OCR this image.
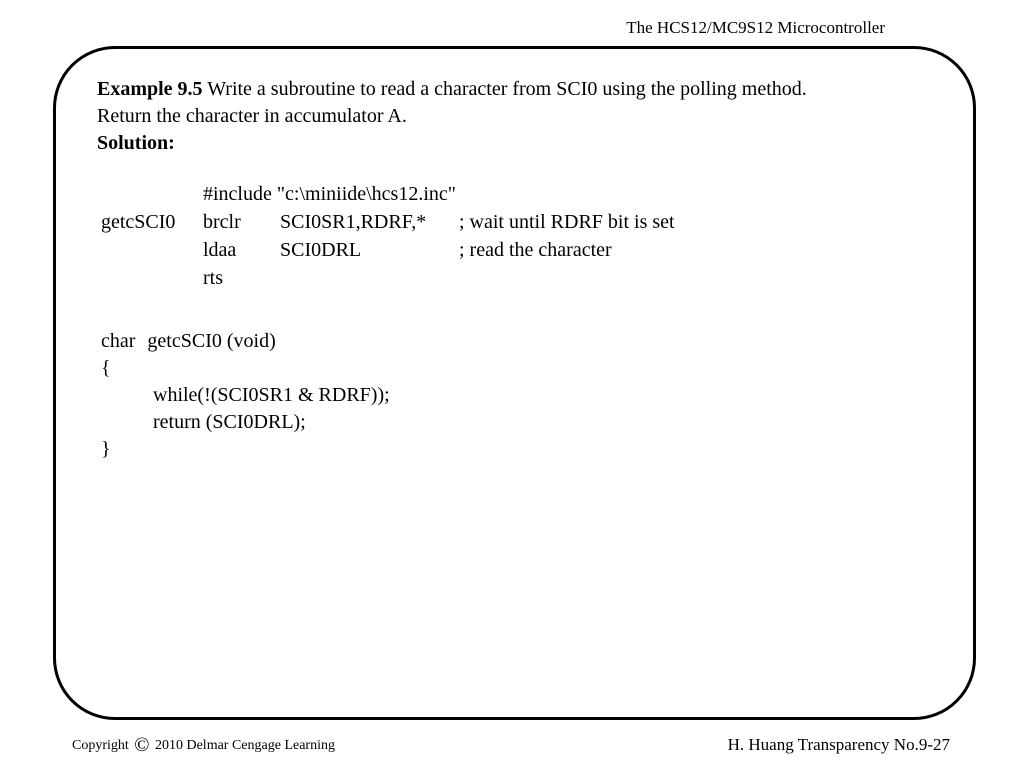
The HCS12/MC9S12 Microcontroller

Example 9.5 Write a subroutine to read a character from SCI0 using the polling method. Return the character in accumulator A.

Solution:

#include "c:\miniide\hcs12.inc"
getcSCI0 brclr SCI0SR1,RDRF,* ; wait until RDRF bit is set
ldaa SCI0DRL	; read the character
rts
char getcSCI0 (void)
{
while(!(SCI0SR1 & RDRF));
return (SCI0DRL);
}
Copyright © 2010 Delmar Cengage Learning	H. Huang Transparency No.9-27
